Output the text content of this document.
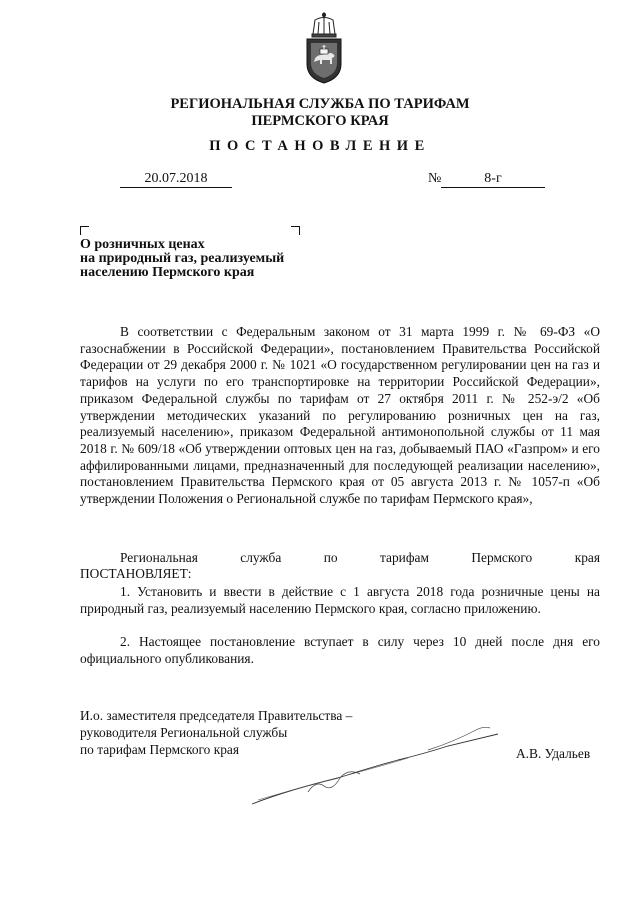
РЕГИОНАЛЬНАЯ СЛУЖБА ПО ТАРИФАМ
ПЕРМСКОГО КРАЯ
ПОСТАНОВЛЕНИЕ
20.07.2018	№	8-г
О розничных ценах
на природный газ, реализуемый
населению Пермского края

В соответствии с Федеральным законом от 31 марта 1999 г. № 69-ФЗ «О газоснабжении в Российской Федерации», постановлением Правительства Российской Федерации от 29 декабря 2000 г. № 1021 «О государственном регулировании цен на газ и тарифов на услуги по его транспортировке на территории Российской Федерации», приказом Федеральной службы по тарифам от 27 октября 2011 г. № 252-э/2 «Об утверждении методических указаний по регулированию розничных цен на газ, реализуемый населению», приказом Федеральной антимонопольной службы от 11 мая 2018 г. № 609/18 «Об утверждении оптовых цен на газ, добываемый ПАО «Газпром» и его аффилированными лицами, предназначенный для последующей реализации населению», постановлением Правительства Пермского края от 05 августа 2013 г. № 1057-п «Об утверждении Положения о Региональной службе по тарифам Пермского края»,

Региональная служба по тарифам Пермского края

ПОСТАНОВЛЯЕТ:

1. Установить и ввести в действие с 1 августа 2018 года розничные цены на природный газ, реализуемый населению Пермского края, согласно приложению.

2. Настоящее постановление вступает в силу через 10 дней после дня его официального опубликования.

И.о. заместителя председателя Правительства –
руководителя Региональной службы
по тарифам Пермского края	А.В. Удальев
